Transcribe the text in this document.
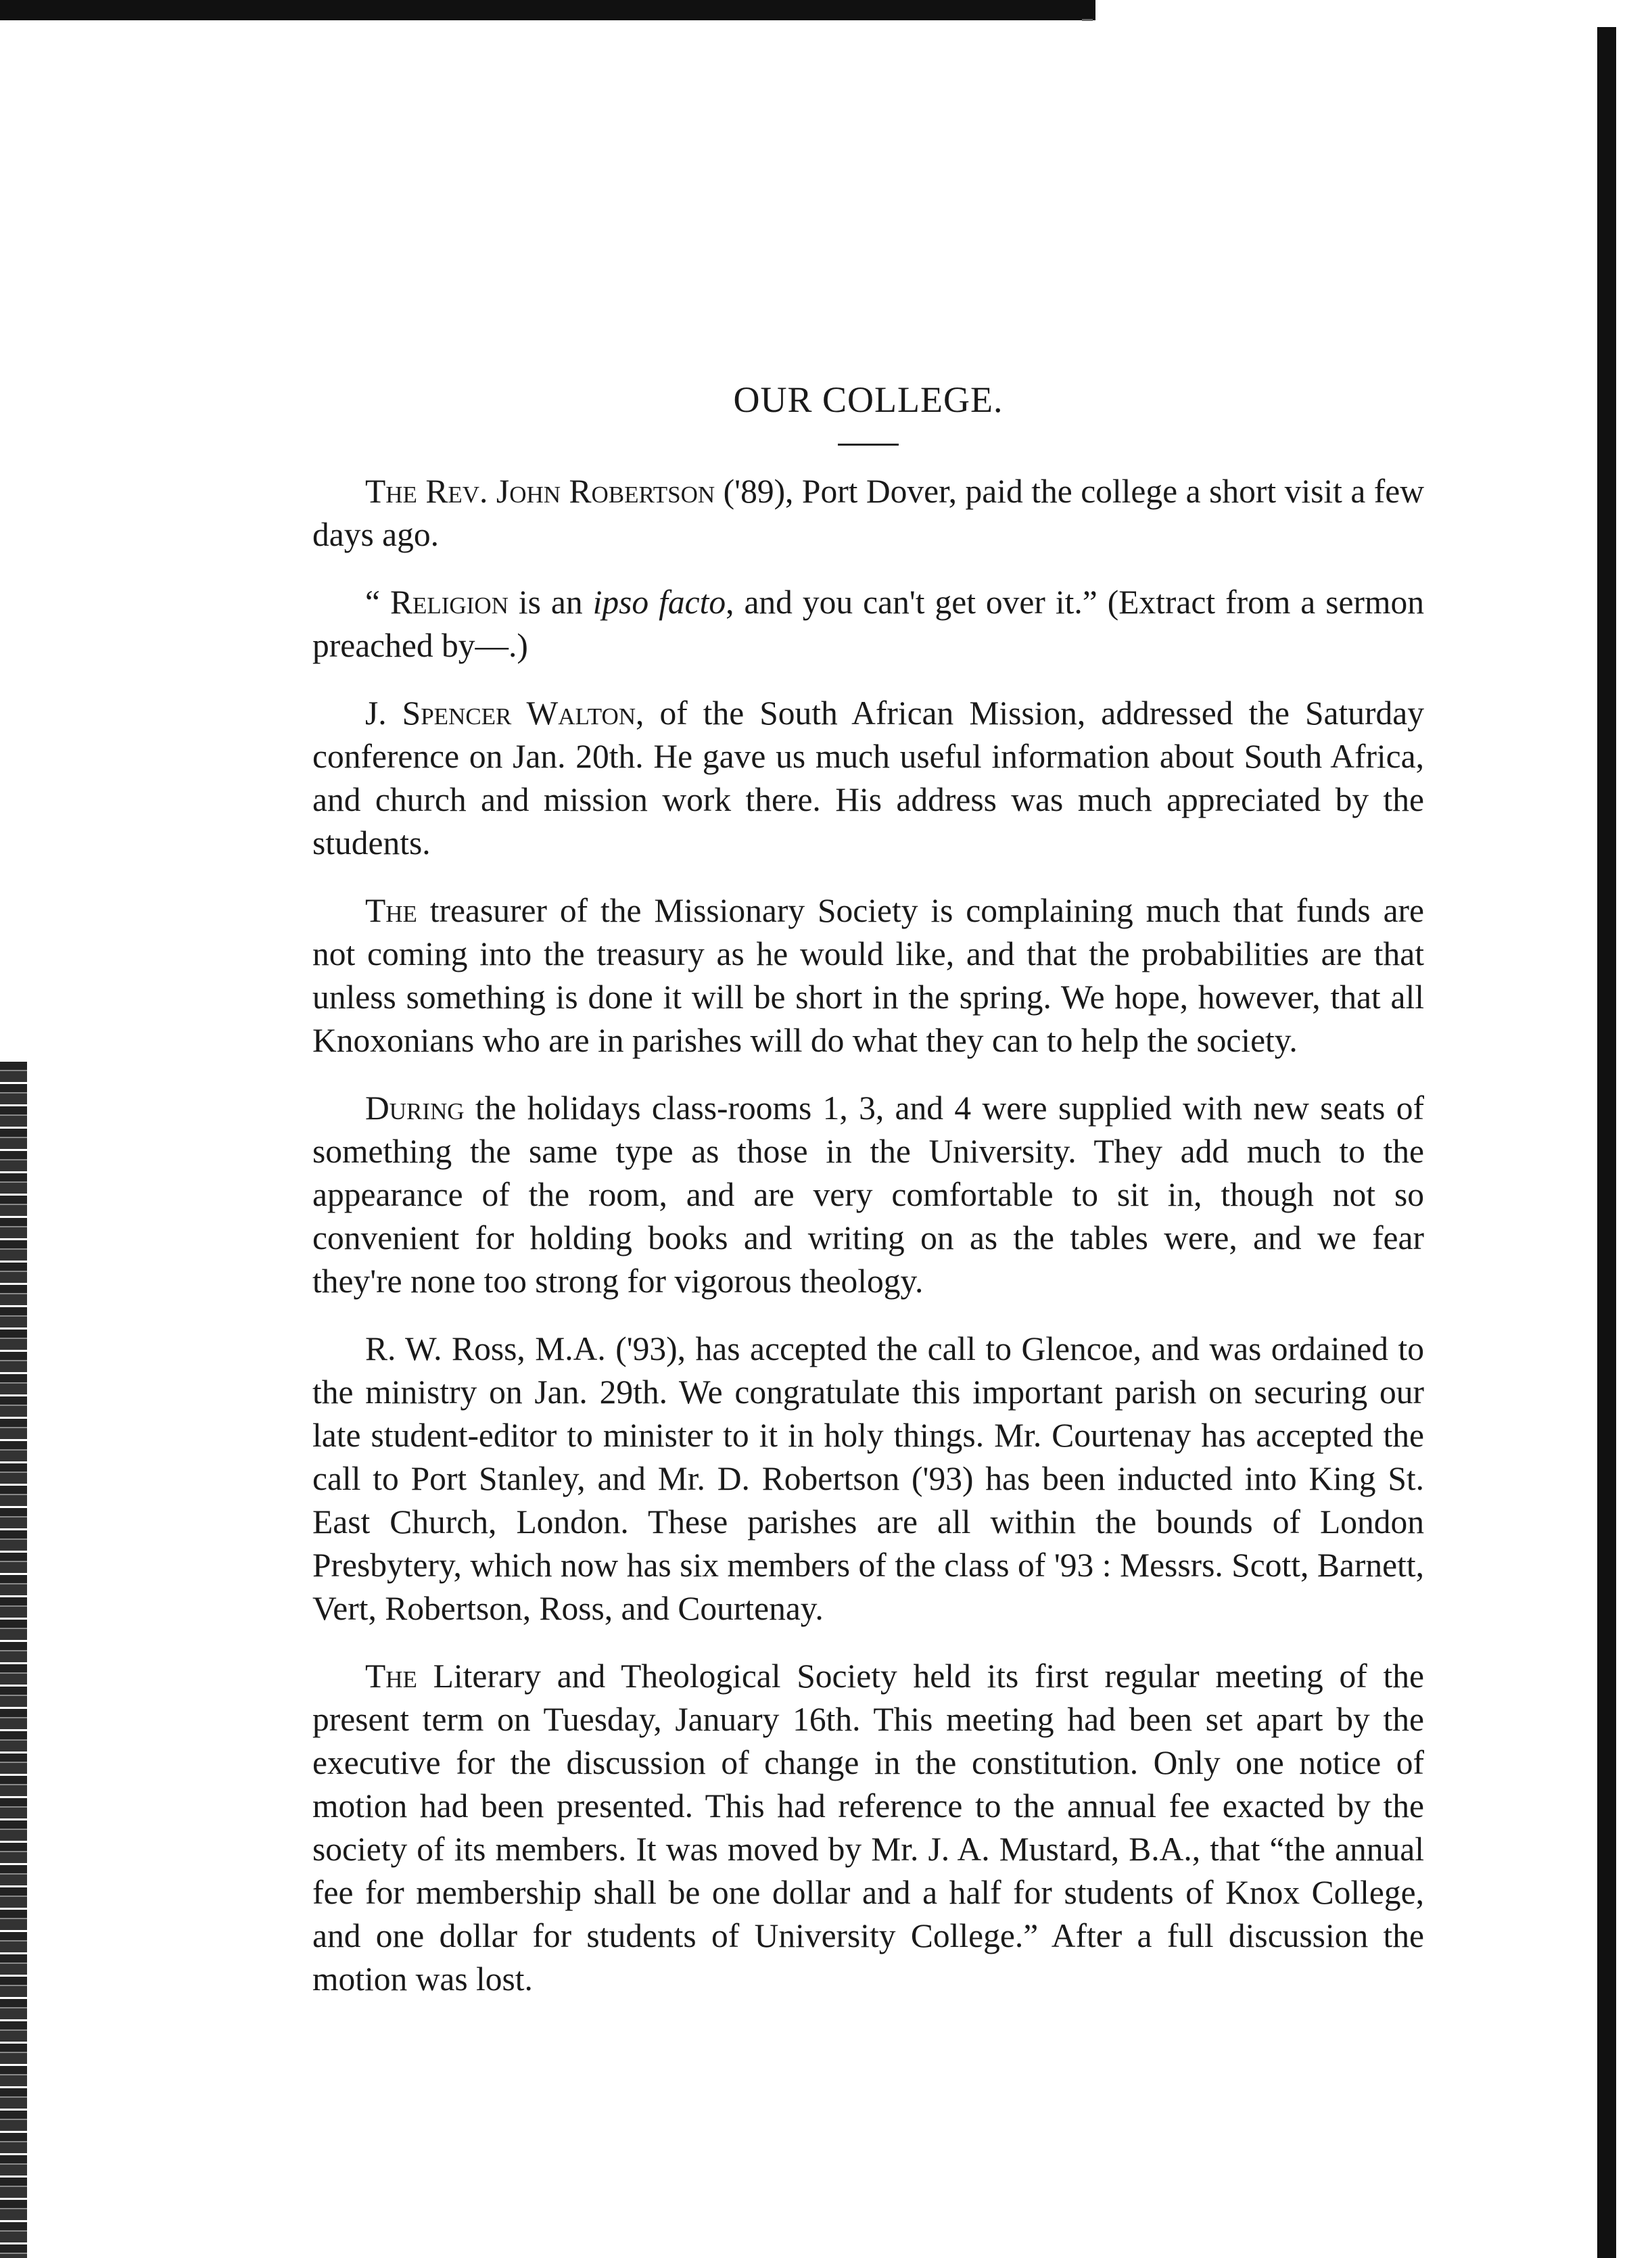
OUR COLLEGE.

The Rev. John Robertson ('89), Port Dover, paid the college a short visit a few days ago.

“ Religion is an ipso facto, and you can't get over it.” (Extract from a sermon preached by—.)

J. Spencer Walton, of the South African Mission, addressed the Saturday conference on Jan. 20th. He gave us much useful information about South Africa, and church and mission work there. His address was much appreciated by the students.

The treasurer of the Missionary Society is complaining much that funds are not coming into the treasury as he would like, and that the probabilities are that unless something is done it will be short in the spring. We hope, however, that all Knoxonians who are in parishes will do what they can to help the society.

During the holidays class-rooms 1, 3, and 4 were supplied with new seats of something the same type as those in the University. They add much to the appearance of the room, and are very comfortable to sit in, though not so convenient for holding books and writing on as the tables were, and we fear they're none too strong for vigorous theology.

R. W. Ross, M.A. ('93), has accepted the call to Glencoe, and was ordained to the ministry on Jan. 29th. We congratulate this important parish on securing our late student-editor to minister to it in holy things. Mr. Courtenay has accepted the call to Port Stanley, and Mr. D. Robertson ('93) has been inducted into King St. East Church, London. These parishes are all within the bounds of London Presbytery, which now has six members of the class of '93 : Messrs. Scott, Barnett, Vert, Robertson, Ross, and Courtenay.

The Literary and Theological Society held its first regular meeting of the present term on Tuesday, January 16th. This meeting had been set apart by the executive for the discussion of change in the constitution. Only one notice of motion had been presented. This had reference to the annual fee exacted by the society of its members. It was moved by Mr. J. A. Mustard, B.A., that “the annual fee for membership shall be one dollar and a half for students of Knox College, and one dollar for students of University College.” After a full discussion the motion was lost.
